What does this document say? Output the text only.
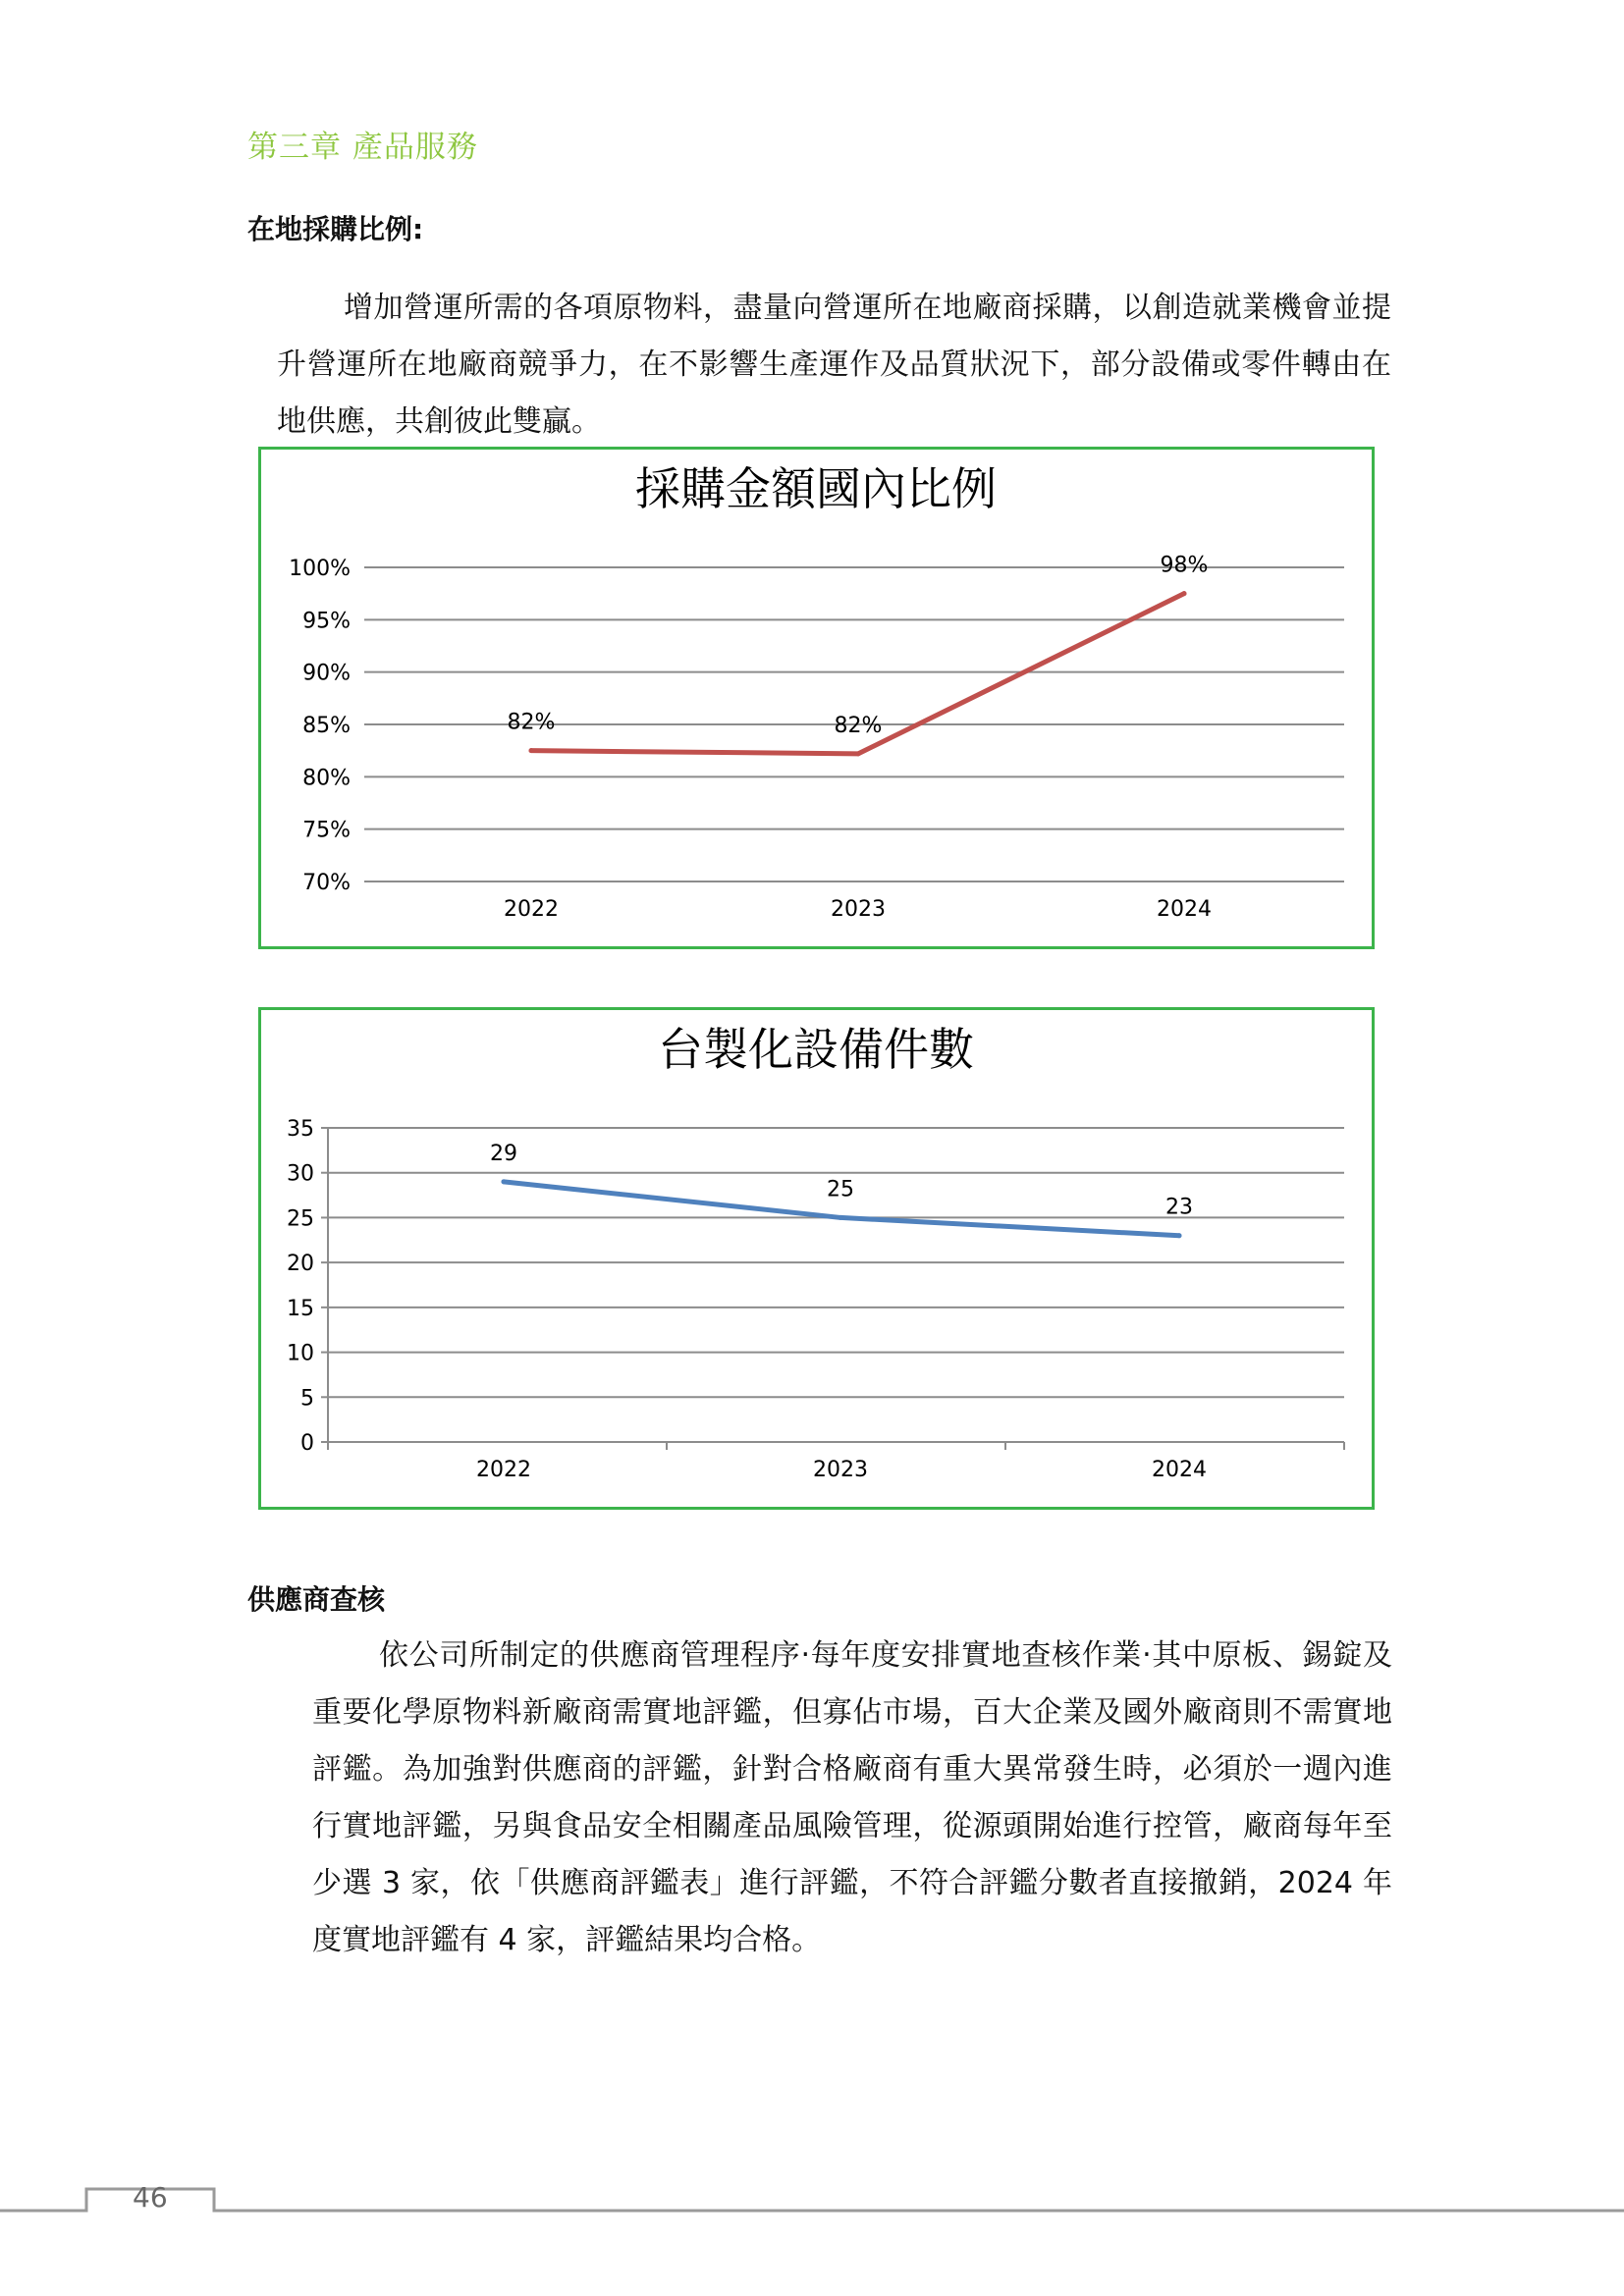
第三章 產品服務
在地採購比例:
增加營運所需的各項原物料，盡量向營運所在地廠商採購，以創造就業機會並提升營運所在地廠商競爭力，在不影響生產運作及品質狀況下，部分設備或零件轉由在地供應，共創彼此雙贏。
採購金額國內比例
70%
75%
80%
85%
90%
95%
100%
2022	2023	2024
82%	82%
98%
台製化設備件數
0
5
10
15
20
25
30
35
2022	2023	2024
29
25
23
供應商查核
依公司所制定的供應商管理程序‧每年度安排實地查核作業‧其中原板、錫錠及重要化學原物料新廠商需實地評鑑，但寡佔市場，百大企業及國外廠商則不需實地評鑑。為加強對供應商的評鑑，針對合格廠商有重大異常發生時，必須於一週內進行實地評鑑，另與食品安全相關產品風險管理，從源頭開始進行控管，廠商每年至少選 3 家，依「供應商評鑑表」進行評鑑，不符合評鑑分數者直接撤銷，2024 年度實地評鑑有 4 家，評鑑結果均合格。
46
